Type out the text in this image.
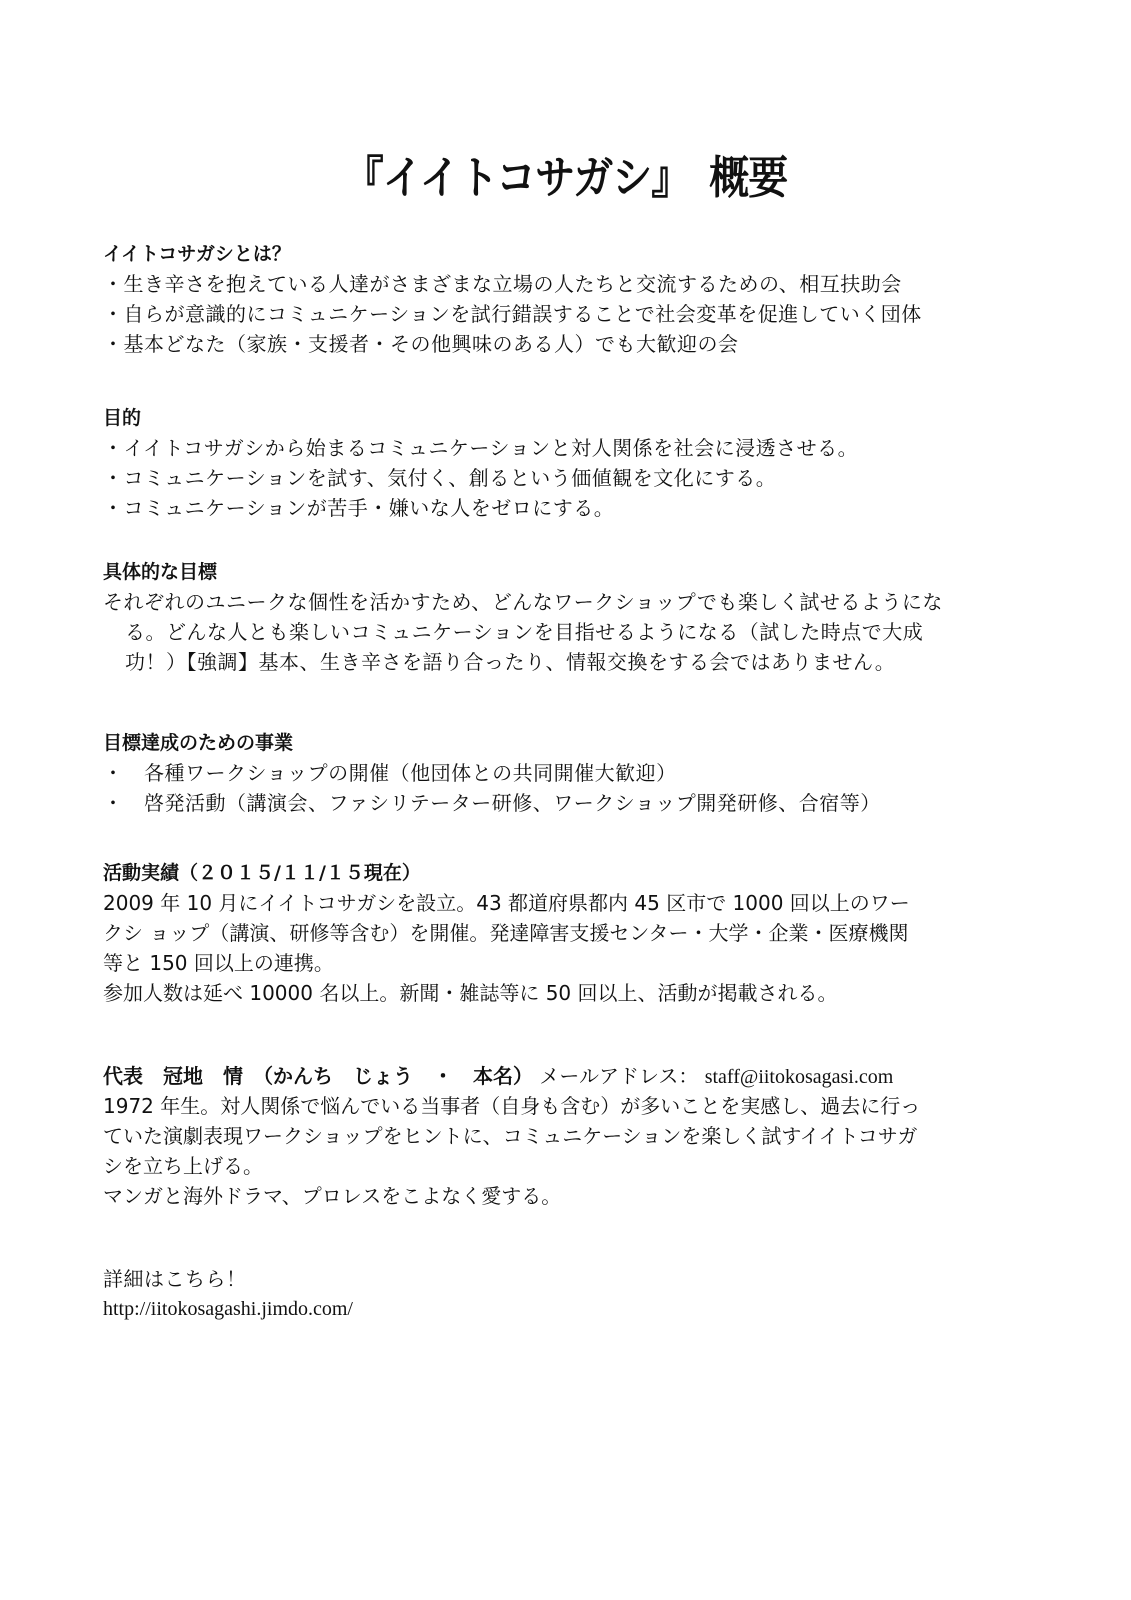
『イイトコサガシ』　概要
イイトコサガシとは？
・生き辛さを抱えている人達がさまざまな立場の人たちと交流するための、相互扶助会
・自らが意識的にコミュニケーションを試行錯誤することで社会変革を促進していく団体
・基本どなた（家族・支援者・その他興味のある人）でも大歓迎の会
目的
・イイトコサガシから始まるコミュニケーションと対人関係を社会に浸透させる。
・コミュニケーションを試す、気付く、創るという価値観を文化にする。
・コミュニケーションが苦手・嫌いな人をゼロにする。
具体的な目標
それぞれのユニークな個性を活かすため、どんなワークショップでも楽しく試せるようにな
る。どんな人とも楽しいコミュニケーションを目指せるようになる（試した時点で大成
功！）【強調】基本、生き辛さを語り合ったり、情報交換をする会ではありません。
目標達成のための事業
・　各種ワークショップの開催（他団体との共同開催大歓迎）
・　啓発活動（講演会、ファシリテーター研修、ワークショップ開発研修、合宿等）
活動実績（２０１５/１１/１５現在）
2009 年 10 月にイイトコサガシを設立。43 都道府県都内 45 区市で 1000 回以上のワー
クシ ョップ（講演、研修等含む）を開催。発達障害支援センター・大学・企業・医療機関
等と 150 回以上の連携。
参加人数は延べ 10000 名以上。新聞・雑誌等に 50 回以上、活動が掲載される。
代表　冠地　情　（かんち　じょう　・　本名） メールアドレス： staff@iitokosagasi.com
1972 年生。対人関係で悩んでいる当事者（自身も含む）が多いことを実感し、過去に行っ
ていた演劇表現ワークショップをヒントに、コミュニケーションを楽しく試すイイトコサガ
シを立ち上げる。
マンガと海外ドラマ、プロレスをこよなく愛する。
詳細はこちら！
http://iitokosagashi.jimdo.com/
